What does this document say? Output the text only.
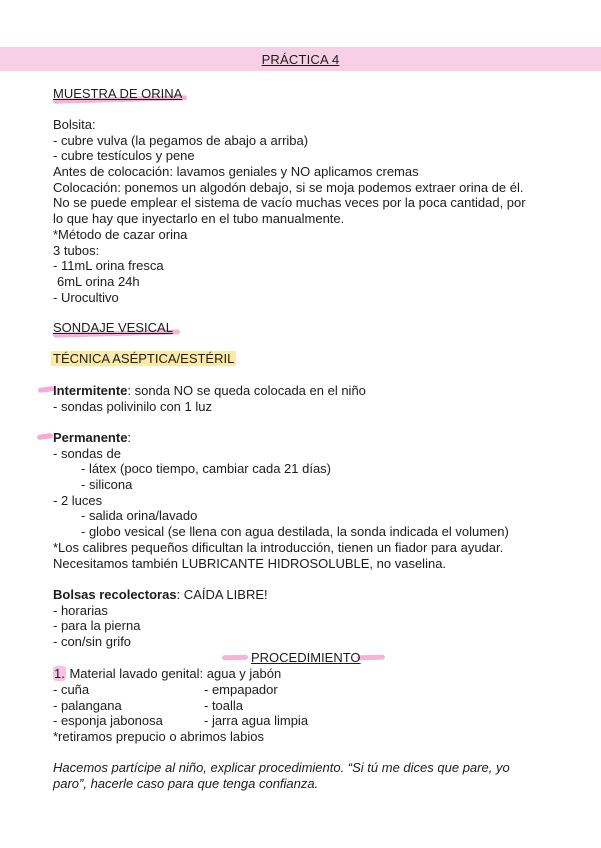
PRÁCTICA 4
MUESTRA DE ORINA
Bolsita:
- cubre vulva (la pegamos de abajo a arriba)
- cubre testículos y pene
Antes de colocación: lavamos geniales y NO aplicamos cremas
Colocación: ponemos un algodón debajo, si se moja podemos extraer orina de él.
No se puede emplear el sistema de vacío muchas veces por la poca cantidad, por
lo que hay que inyectarlo en el tubo manualmente.
*Método de cazar orina
3 tubos:
- 11mL orina fresca
6mL orina 24h
- Urocultivo
SONDAJE VESICAL
TÉCNICA ASÉPTICA/ESTÉRIL
Intermitente: sonda NO se queda colocada en el niño
- sondas polivinilo con 1 luz
Permanente:
- sondas de
- látex (poco tiempo, cambiar cada 21 días)
- silicona
- 2 luces
- salida orina/lavado
- globo vesical (se llena con agua destilada, la sonda indicada el volumen)
*Los calibres pequeños dificultan la introducción, tienen un fiador para ayudar.
Necesitamos también LUBRICANTE HIDROSOLUBLE, no vaselina.
Bolsas recolectoras: CAÍDA LIBRE!
- horarias
- para la pierna
- con/sin grifo
PROCEDIMIENTO
1. Material lavado genital: agua y jabón
- cuña	- empapador
- palangana	- toalla
- esponja jabonosa	- jarra agua limpia
*retiramos prepucio o abrimos labios
Hacemos partícipe al niño, explicar procedimiento. “Si tú me dices que pare, yo
paro”, hacerle caso para que tenga confianza.
